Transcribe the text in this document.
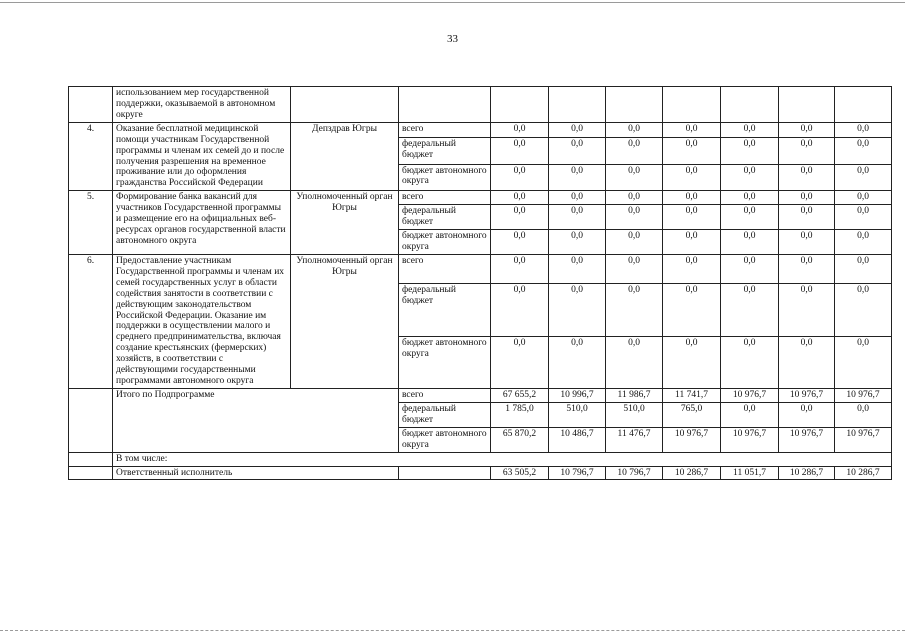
33
	использованием мер государственной поддержки, оказываемой в автономном округе									
4.	Оказание бесплатной медицинской помощи участникам Государственной программы и членам их семей до и после получения разрешения на временное проживание или до оформления гражданства Российской Федерации	Депздрав Югры	всего	0,0	0,0	0,0	0,0	0,0	0,0	0,0
			федеральный бюджет	0,0	0,0	0,0	0,0	0,0	0,0	0,0
			бюджет автономного округа	0,0	0,0	0,0	0,0	0,0	0,0	0,0
5.	Формирование банка вакансий для участников Государственной программы и размещение его на официальных веб-ресурсах органов государственной власти автономного округа	Уполномоченный орган Югры	всего	0,0	0,0	0,0	0,0	0,0	0,0	0,0
			федеральный бюджет	0,0	0,0	0,0	0,0	0,0	0,0	0,0
			бюджет автономного округа	0,0	0,0	0,0	0,0	0,0	0,0	0,0
6.	Предоставление участникам Государственной программы и членам их семей государственных услуг в области содействия занятости в соответствии с действующим законодательством Российской Федерации. Оказание им поддержки в осуществлении малого и среднего предпринимательства, включая создание крестьянских (фермерских) хозяйств, в соответствии с действующими государственными программами автономного округа	Уполномоченный орган Югры	всего	0,0	0,0	0,0	0,0	0,0	0,0	0,0
			федеральный бюджет	0,0	0,0	0,0	0,0	0,0	0,0	0,0
			бюджет автономного округа	0,0	0,0	0,0	0,0	0,0	0,0	0,0
	Итого по Подпрограмме		всего	67 655,2	10 996,7	11 986,7	11 741,7	10 976,7	10 976,7	10 976,7
			федеральный бюджет	1 785,0	510,0	510,0	765,0	0,0	0,0	0,0
			бюджет автономного округа	65 870,2	10 486,7	11 476,7	10 976,7	10 976,7	10 976,7	10 976,7
	В том числе:									
	Ответственный исполнитель			63 505,2	10 796,7	10 796,7	10 286,7	11 051,7	10 286,7	10 286,7
